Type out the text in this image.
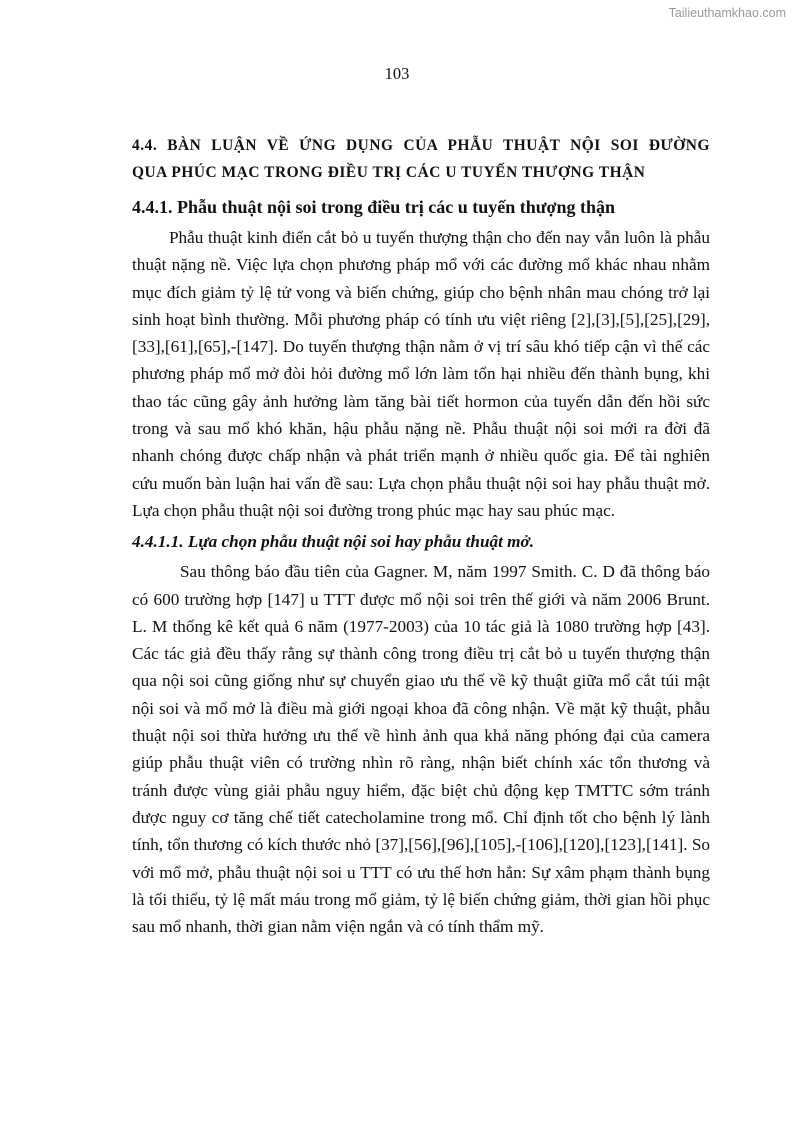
Tailieuthamkhao.com
103
4.4. BÀN LUẬN VỀ ỨNG DỤNG CỦA PHẪU THUẬT NỘI SOI ĐƯỜNG
QUA PHÚC MẠC TRONG ĐIỀU TRỊ CÁC U TUYẾN THƯỢNG THẬN
4.4.1. Phẫu thuật nội soi trong điều trị các u tuyến thượng thận

Phẫu thuật kinh điển cắt bỏ u tuyến thượng thận cho đến nay vẫn luôn là phẫu thuật nặng nề. Việc lựa chọn phương pháp mổ với các đường mổ khác nhau nhằm mục đích giảm tỷ lệ tử vong và biến chứng, giúp cho bệnh nhân mau chóng trở lại sinh hoạt bình thường. Mỗi phương pháp có tính ưu việt riêng [2],[3],[5],[25],[29],[33],[61],[65],-[147]. Do tuyến thượng thận nằm ở vị trí sâu khó tiếp cận vì thế các phương pháp mổ mở đòi hỏi đường mổ lớn làm tổn hại nhiều đến thành bụng, khi thao tác cũng gây ảnh hưởng làm tăng bài tiết hormon của tuyến dẫn đến hồi sức trong và sau mổ khó khăn, hậu phẫu nặng nề. Phẫu thuật nội soi mới ra đời đã nhanh chóng được chấp nhận và phát triển mạnh ở nhiều quốc gia. Để tài nghiên cứu muốn bàn luận hai vấn đề sau: Lựa chọn phẫu thuật nội soi hay phẫu thuật mở. Lựa chọn phẫu thuật nội soi đường trong phúc mạc hay sau phúc mạc.

4.4.1.1. Lựa chọn phẫu thuật nội soi hay phẫu thuật mở.

Sau thông báo đầu tiên của Gagner. M, năm 1997 Smith. C. D đã thông báo có 600 trường hợp [147] u TTT được mổ nội soi trên thế giới và năm 2006 Brunt. L. M thống kê kết quả 6 năm (1977-2003) của 10 tác giả là 1080 trường hợp [43]. Các tác giả đều thấy rằng sự thành công trong điều trị cắt bỏ u tuyến thượng thận qua nội soi cũng giống như sự chuyển giao ưu thế về kỹ thuật giữa mổ cắt túi mật nội soi và mổ mở là điều mà giới ngoại khoa đã công nhận. Về mặt kỹ thuật, phẫu thuật nội soi thừa hưởng ưu thế về hình ảnh qua khả năng phóng đại của camera giúp phẫu thuật viên có trường nhìn rõ ràng, nhận biết chính xác tổn thương và tránh được vùng giải phẫu nguy hiểm, đặc biệt chủ động kẹp TMTTC sớm tránh được nguy cơ tăng chế tiết catecholamine trong mổ. Chỉ định tốt cho bệnh lý lành tính, tổn thương có kích thước nhỏ [37],[56],[96],[105],-[106],[120],[123],[141]. So với mổ mở, phẫu thuật nội soi u TTT có ưu thế hơn hẳn: Sự xâm phạm thành bụng là tối thiểu, tỷ lệ mất máu trong mổ giảm, tỷ lệ biến chứng giảm, thời gian hồi phục sau mổ nhanh, thời gian nằm viện ngắn và có tính thẩm mỹ.
